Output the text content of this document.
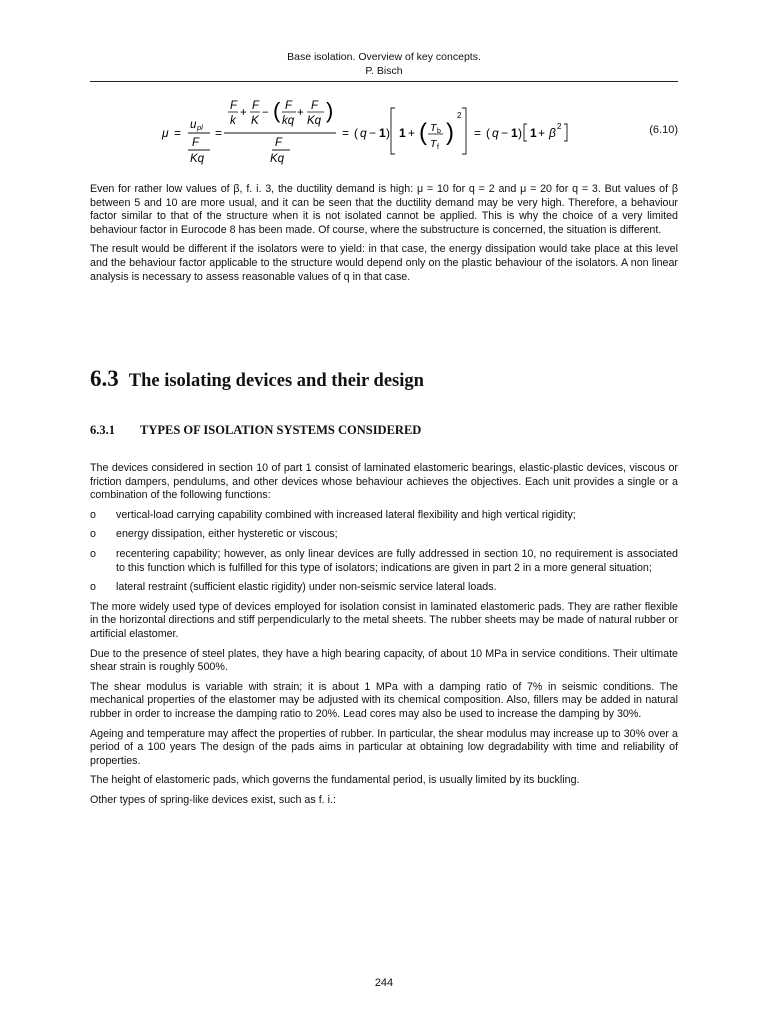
Base isolation. Overview of key concepts.
P. Bisch
μ =
u pl
F
Kq
=
F
+
F
− ( F
+
F )
k K kq Kq
F
Kq
= ( q − 1 ) 1 + ( T b
T f
)
2
= ( q − 1 ) 1 + β 2	(6.10)

Even for rather low values of β, f. i. 3, the ductility demand is high: μ = 10 for q = 2 and μ = 20 for q = 3. But values of β between 5 and 10 are more usual, and it can be seen that the ductility demand may be very high. Therefore, a behaviour factor similar to that of the structure when it is not isolated cannot be applied. This is why the choice of a very limited behaviour factor in Eurocode 8 has been made. Of course, where the substructure is concerned, the situation is different.

The result would be different if the isolators were to yield: in that case, the energy dissipation would take place at this level and the behaviour factor applicable to the structure would depend only on the plastic behaviour of the isolators. A non linear analysis is necessary to assess reasonable values of q in that case.

6.3 The isolating devices and their design
6.3.1 TYPES OF ISOLATION SYSTEMS CONSIDERED

The devices considered in section 10 of part 1 consist of laminated elastomeric bearings, elastic-plastic devices, viscous or friction dampers, pendulums, and other devices whose behaviour achieves the objectives. Each unit provides a single or a combination of the following functions:

o vertical-load carrying capability combined with increased lateral flexibility and high vertical rigidity;
o energy dissipation, either hysteretic or viscous;
o recentering capability; however, as only linear devices are fully addressed in section 10, no requirement is associated to this function which is fulfilled for this type of isolators; indications are given in part 2 in a more general situation;
o lateral restraint (sufficient elastic rigidity) under non-seismic service lateral loads.

The more widely used type of devices employed for isolation consist in laminated elastomeric pads. They are rather flexible in the horizontal directions and stiff perpendicularly to the metal sheets. The rubber sheets may be made of natural rubber or artificial elastomer.

Due to the presence of steel plates, they have a high bearing capacity, of about 10 MPa in service conditions. Their ultimate shear strain is roughly 500%.

The shear modulus is variable with strain; it is about 1 MPa with a damping ratio of 7% in seismic conditions. The mechanical properties of the elastomer may be adjusted with its chemical composition. Also, fillers may be added in natural rubber in order to increase the damping ratio to 20%. Lead cores may also be used to increase the damping by 30%.

Ageing and temperature may affect the properties of rubber. In particular, the shear modulus may increase up to 30% over a period of a 100 years The design of the pads aims in particular at obtaining low degradability with time and reliability of properties.

The height of elastomeric pads, which governs the fundamental period, is usually limited by its buckling.

Other types of spring-like devices exist, such as f. i.:

244
